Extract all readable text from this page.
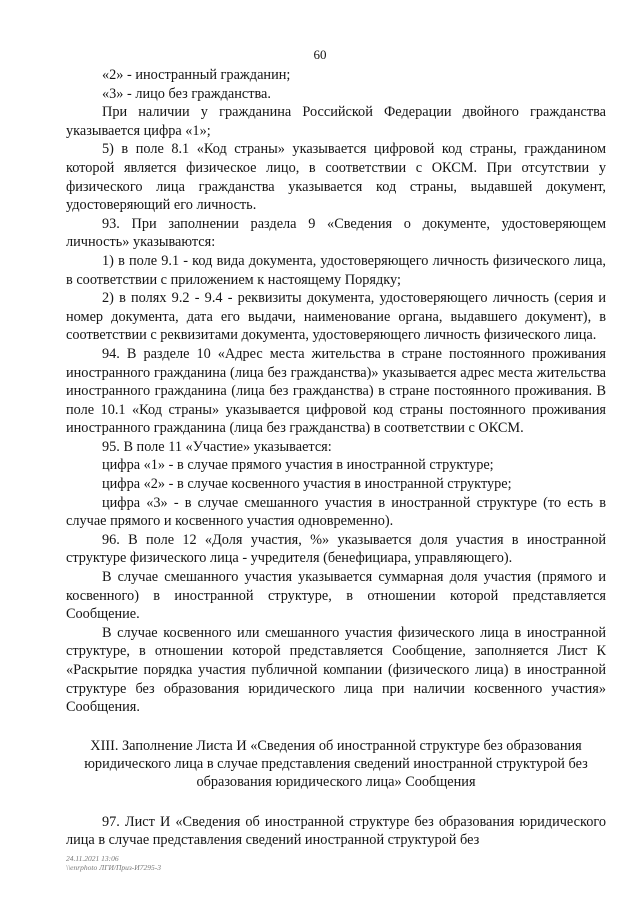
60

«2» - иностранный гражданин;

«3» - лицо без гражданства.

При наличии у гражданина Российской Федерации двойного гражданства указывается цифра «1»;

5) в поле 8.1 «Код страны» указывается цифровой код страны, гражданином которой является физическое лицо, в соответствии с ОКСМ. При отсутствии у физического лица гражданства указывается код страны, выдавшей документ, удостоверяющий его личность.

93. При заполнении раздела 9 «Сведения о документе, удостоверяющем личность» указываются:

1) в поле 9.1 - код вида документа, удостоверяющего личность физического лица, в соответствии с приложением к настоящему Порядку;

2) в полях 9.2 - 9.4 - реквизиты документа, удостоверяющего личность (серия и номер документа, дата его выдачи, наименование органа, выдавшего документ), в соответствии с реквизитами документа, удостоверяющего личность физического лица.

94. В разделе 10 «Адрес места жительства в стране постоянного проживания иностранного гражданина (лица без гражданства)» указывается адрес места жительства иностранного гражданина (лица без гражданства) в стране постоянного проживания. В поле 10.1 «Код страны» указывается цифровой код страны постоянного проживания иностранного гражданина (лица без гражданства) в соответствии с ОКСМ.

95. В поле 11 «Участие» указывается:

цифра «1» - в случае прямого участия в иностранной структуре;

цифра «2» - в случае косвенного участия в иностранной структуре;

цифра «3» - в случае смешанного участия в иностранной структуре (то есть в случае прямого и косвенного участия одновременно).

96. В поле 12 «Доля участия, %» указывается доля участия в иностранной структуре физического лица - учредителя (бенефициара, управляющего).

В случае смешанного участия указывается суммарная доля участия (прямого и косвенного) в иностранной структуре, в отношении которой представляется Сообщение.

В случае косвенного или смешанного участия физического лица в иностранной структуре, в отношении которой представляется Сообщение, заполняется Лист К «Раскрытие порядка участия публичной компании (физического лица) в иностранной структуре без образования юридического лица при наличии косвенного участия» Сообщения.

XIII. Заполнение Листа И «Сведения об иностранной структуре без образования юридического лица в случае представления сведений иностранной структурой без образования юридического лица» Сообщения

97. Лист И «Сведения об иностранной структуре без образования юридического лица в случае представления сведений иностранной структурой без

24.11.2021 13:06
\\enrphoto ЛГИ/Приз-И7295-3
